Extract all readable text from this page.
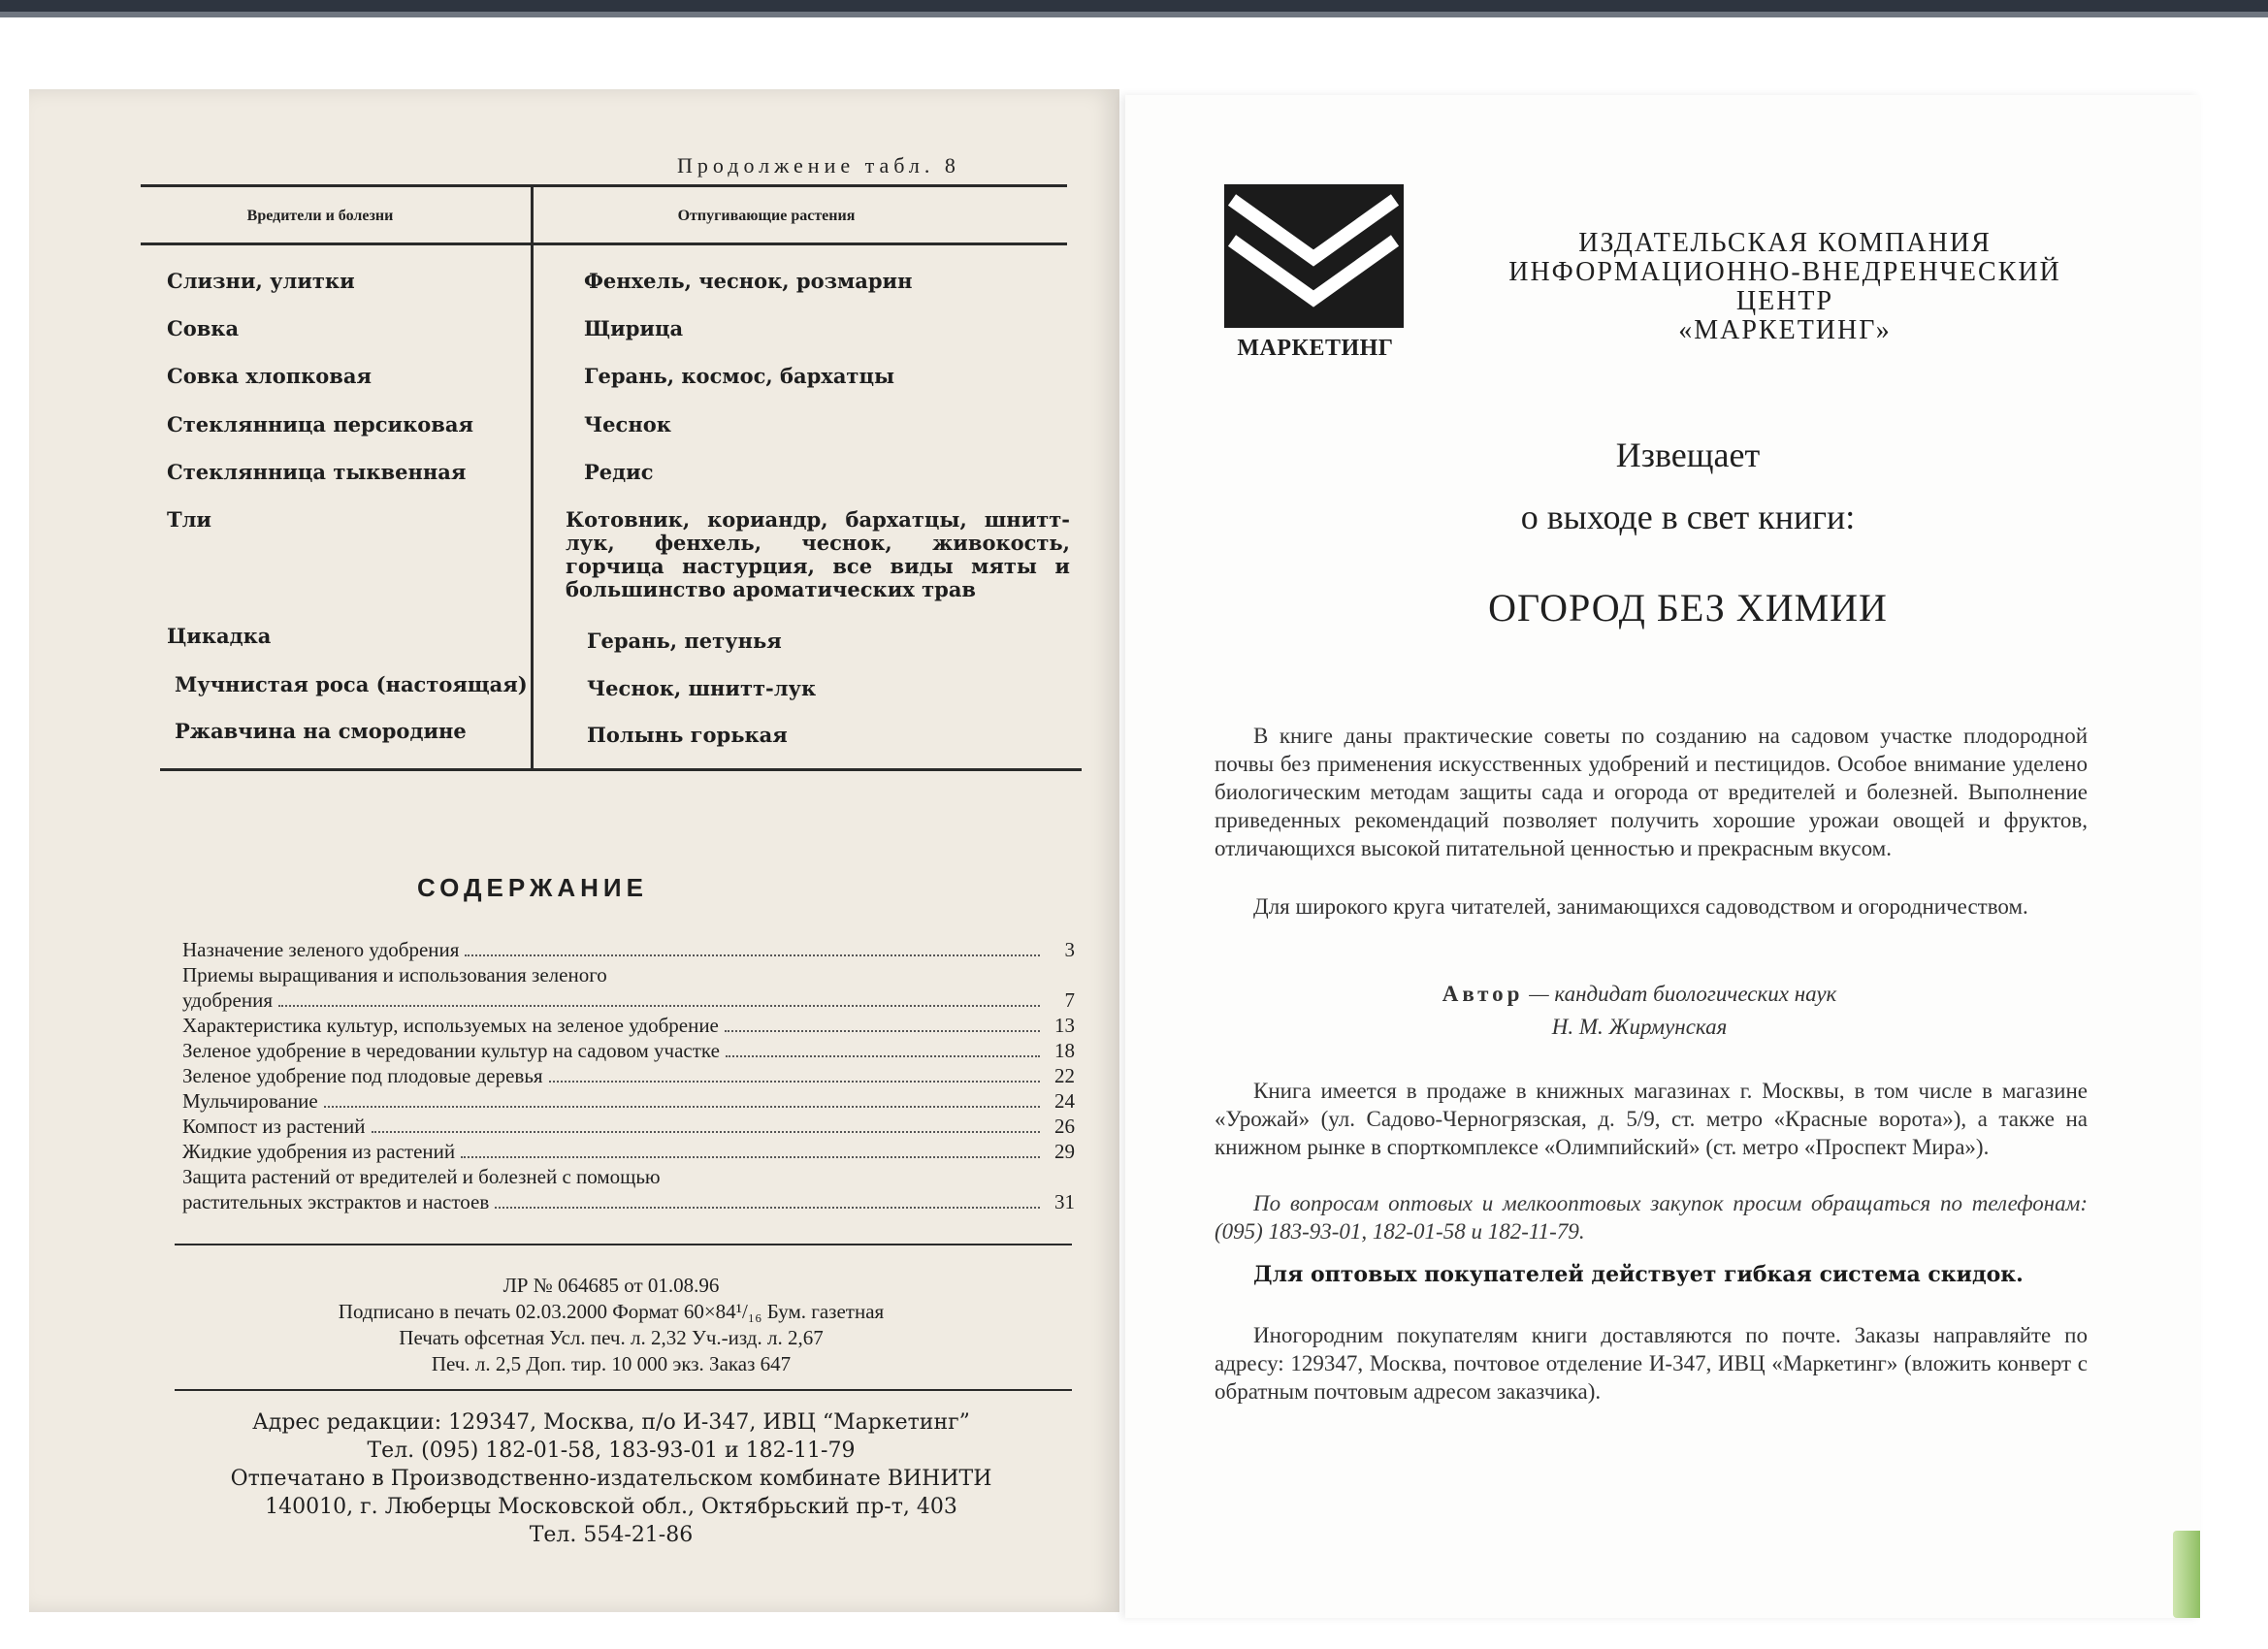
Продолжение табл. 8
Вредители и болезни	Отпугивающие растения
Слизни, улитки	Фенхель, чеснок, розмарин
Совка	Щирица
Совка хлопковая	Герань, космос, бархатцы
Стеклянница персиковая	Чеснок
Стеклянница тыквенная	Редис
Тли	Котовник, кориандр, бархатцы, шнитт-лук, фенхель, чеснок, живокость, горчица настурция, все виды мяты и большинство ароматических трав
Цикадка	Герань, петунья
Мучнистая роса (настоящая)	Чеснок, шнитт-лук
Ржавчина на смородине	Полынь горькая
СОДЕРЖАНИЕ
Назначение зеленого удобрения	3
Приемы выращивания и использования зеленого
удобрения	7
Характеристика культур, используемых на зеленое удобрение	13
Зеленое удобрение в чередовании культур на садовом участке	18
Зеленое удобрение под плодовые деревья	22
Мульчирование	24
Компост из растений	26
Жидкие удобрения из растений	29
Защита растений от вредителей и болезней с помощью
растительных экстрактов и настоев	31
ЛР № 064685 от 01.08.96
Подписано в печать 02.03.2000 Формат 60×84¹/₁₆ Бум. газетная
Печать офсетная Усл. печ. л. 2,32 Уч.-изд. л. 2,67
Печ. л. 2,5 Доп. тир. 10 000 экз. Заказ 647
Адрес редакции: 129347, Москва, п/о И-347, ИВЦ “Маркетинг”
Тел. (095) 182-01-58, 183-93-01 и 182-11-79
Отпечатано в Производственно-издательском комбинате ВИНИТИ
140010, г. Люберцы Московской обл., Октябрьский пр-т, 403
Тел. 554-21-86
МАРКЕТИНГ
ИЗДАТЕЛЬСКАЯ КОМПАНИЯ
ИНФОРМАЦИОННО-ВНЕДРЕНЧЕСКИЙ
ЦЕНТР
«МАРКЕТИНГ»
Извещает
о выходе в свет книги:
ОГОРОД БЕЗ ХИМИИ
В книге даны практические советы по созданию на садовом участке плодородной почвы без применения искусственных удобрений и пестицидов. Особое внимание уделено биологическим методам защиты сада и огорода от вредителей и болезней. Выполнение приведенных рекомендаций позволяет получить хорошие урожаи овощей и фруктов, отличающихся высокой питательной ценностью и прекрасным вкусом.
Для широкого круга читателей, занимающихся садоводством и огородничеством.
Автор — кандидат биологических наук
Н. М. Жирмунская
Книга имеется в продаже в книжных магазинах г. Москвы, в том числе в магазине «Урожай» (ул. Садово-Черногрязская, д. 5/9, ст. метро «Красные ворота»), а также на книжном рынке в спорткомплексе «Олимпийский» (ст. метро «Проспект Мира»).
По вопросам оптовых и мелкооптовых закупок просим обращаться по телефонам: (095) 183-93-01, 182-01-58 и 182-11-79.
Для оптовых покупателей действует гибкая система скидок.
Иногородним покупателям книги доставляются по почте. Заказы направляйте по адресу: 129347, Москва, почтовое отделение И-347, ИВЦ «Маркетинг» (вложить конверт с обратным почтовым адресом заказчика).
